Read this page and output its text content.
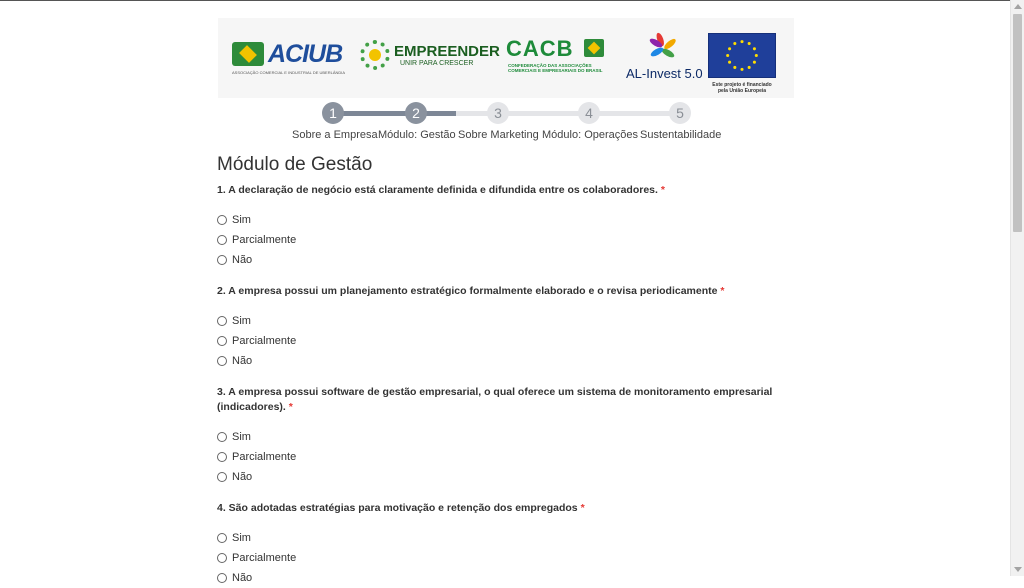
ACIUB
ASSOCIAÇÃO COMERCIAL E INDUSTRIAL DE UBERLÂNDIA
EMPREENDER
UNIR PARA CRESCER
CACB
CONFEDERAÇÃO DAS ASSOCIAÇÕES
COMERCIAIS E EMPRESARIAIS DO BRASIL AL-Invest 5.0
Este projeto é financiado
pela União Europeia
1
Sobre a Empresa
2
Módulo: Gestão
3
Sobre Marketing
4
Módulo: Operações
5
Sustentabilidade
Módulo de Gestão
1. A declaração de negócio está claramente definida e difundida entre os colaboradores. *
Sim
Parcialmente
Não
2. A empresa possui um planejamento estratégico formalmente elaborado e o revisa periodicamente *
Sim
Parcialmente
Não
3. A empresa possui software de gestão empresarial, o qual oferece um sistema de monitoramento empresarial (indicadores). *
Sim
Parcialmente
Não
4. São adotadas estratégias para motivação e retenção dos empregados *
Sim
Parcialmente
Não
